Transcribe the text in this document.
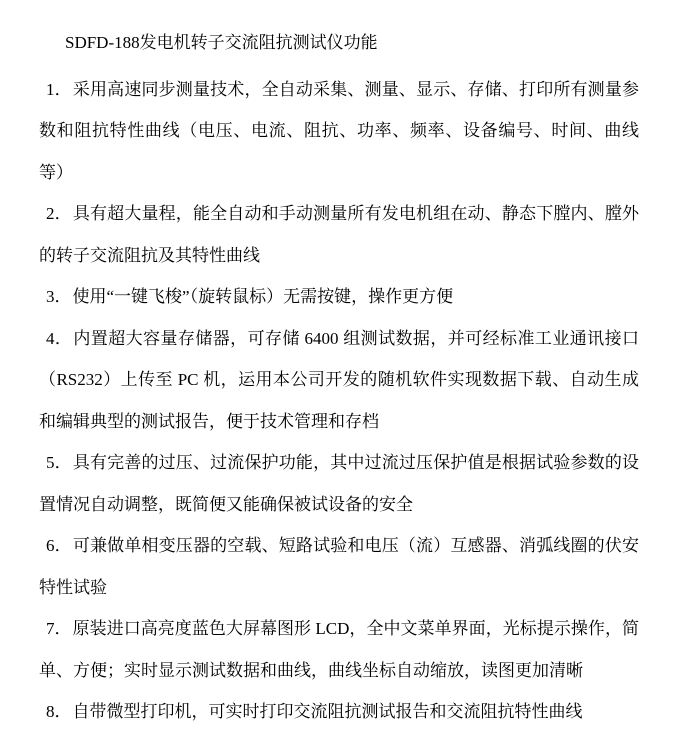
SDFD-188发电机转子交流阻抗测试仪功能

1．采用高速同步测量技术，全自动采集、测量、显示、存储、打印所有测量参数和阻抗特性曲线（电压、电流、阻抗、功率、频率、设备编号、时间、曲线等）

2．具有超大量程，能全自动和手动测量所有发电机组在动、静态下膛内、膛外的转子交流阻抗及其特性曲线

3．使用“一键飞梭”（旋转鼠标）无需按键，操作更方便

4．内置超大容量存储器，可存储 6400 组测试数据，并可经标准工业通讯接口（RS232）上传至 PC 机，运用本公司开发的随机软件实现数据下载、自动生成和编辑典型的测试报告，便于技术管理和存档

5．具有完善的过压、过流保护功能，其中过流过压保护值是根据试验参数的设置情况自动调整，既简便又能确保被试设备的安全

6．可兼做单相变压器的空载、短路试验和电压（流）互感器、消弧线圈的伏安特性试验

7．原装进口高亮度蓝色大屏幕图形 LCD，全中文菜单界面，光标提示操作，简单、方便；实时显示测试数据和曲线，曲线坐标自动缩放，读图更加清晰

8．自带微型打印机，可实时打印交流阻抗测试报告和交流阻抗特性曲线
